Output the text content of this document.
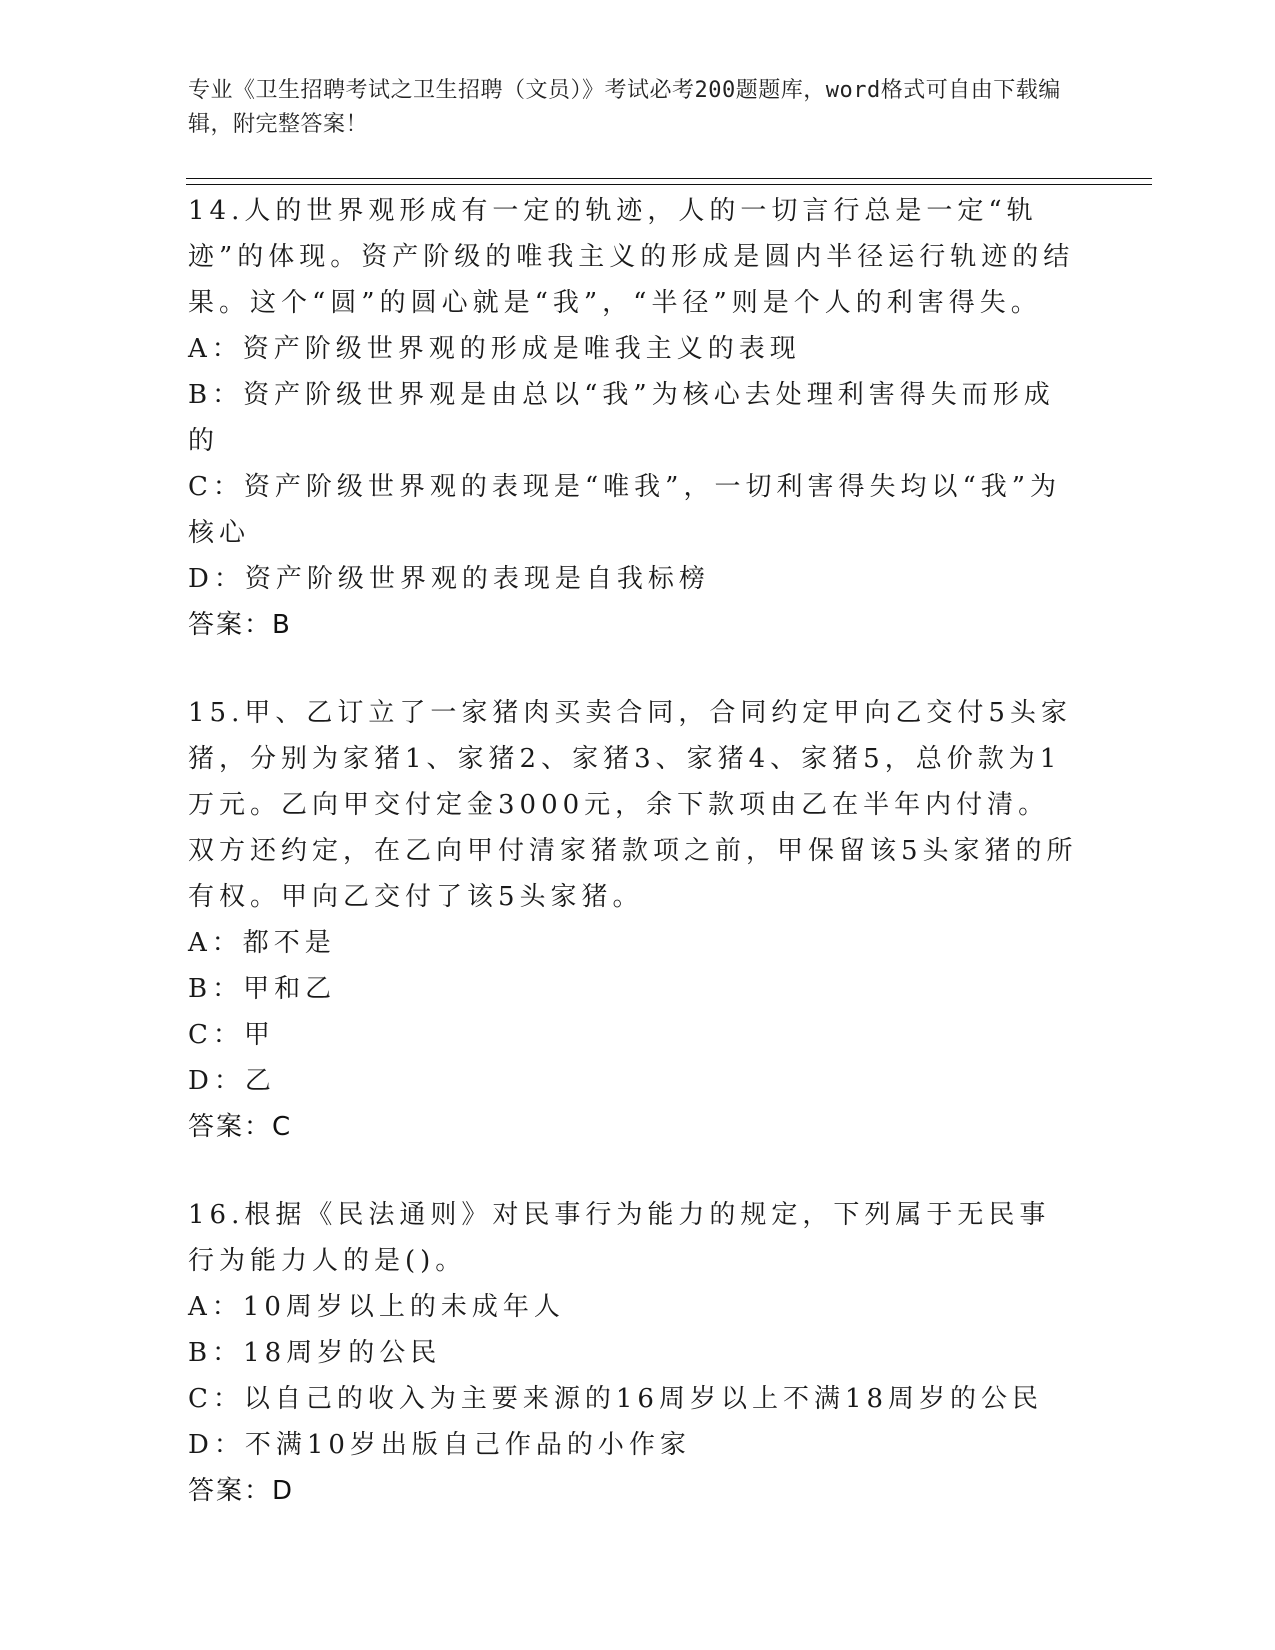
专业《卫生招聘考试之卫生招聘（文员）》考试必考200题题库，word格式可自由下载编辑，附完整答案！

14.人的世界观形成有一定的轨迹，人的一切言行总是一定“轨迹”的体现。资产阶级的唯我主义的形成是圆内半径运行轨迹的结果。这个“圆”的圆心就是“我”，“半径”则是个人的利害得失。

A：资产阶级世界观的形成是唯我主义的表现

B：资产阶级世界观是由总以“我”为核心去处理利害得失而形成的

C：资产阶级世界观的表现是“唯我”，一切利害得失均以“我”为核心

D：资产阶级世界观的表现是自我标榜

答案：B

15.甲、乙订立了一家猪肉买卖合同，合同约定甲向乙交付5头家猪，分别为家猪1、家猪2、家猪3、家猪4、家猪5，总价款为1万元。乙向甲交付定金3000元，余下款项由乙在半年内付清。双方还约定，在乙向甲付清家猪款项之前，甲保留该5头家猪的所有权。甲向乙交付了该5头家猪。

A：都不是

B：甲和乙

C：甲

D：乙

答案：C

16.根据《民法通则》对民事行为能力的规定，下列属于无民事行为能力人的是()。

A：10周岁以上的未成年人

B：18周岁的公民

C：以自己的收入为主要来源的16周岁以上不满18周岁的公民

D：不满10岁出版自己作品的小作家

答案：D
